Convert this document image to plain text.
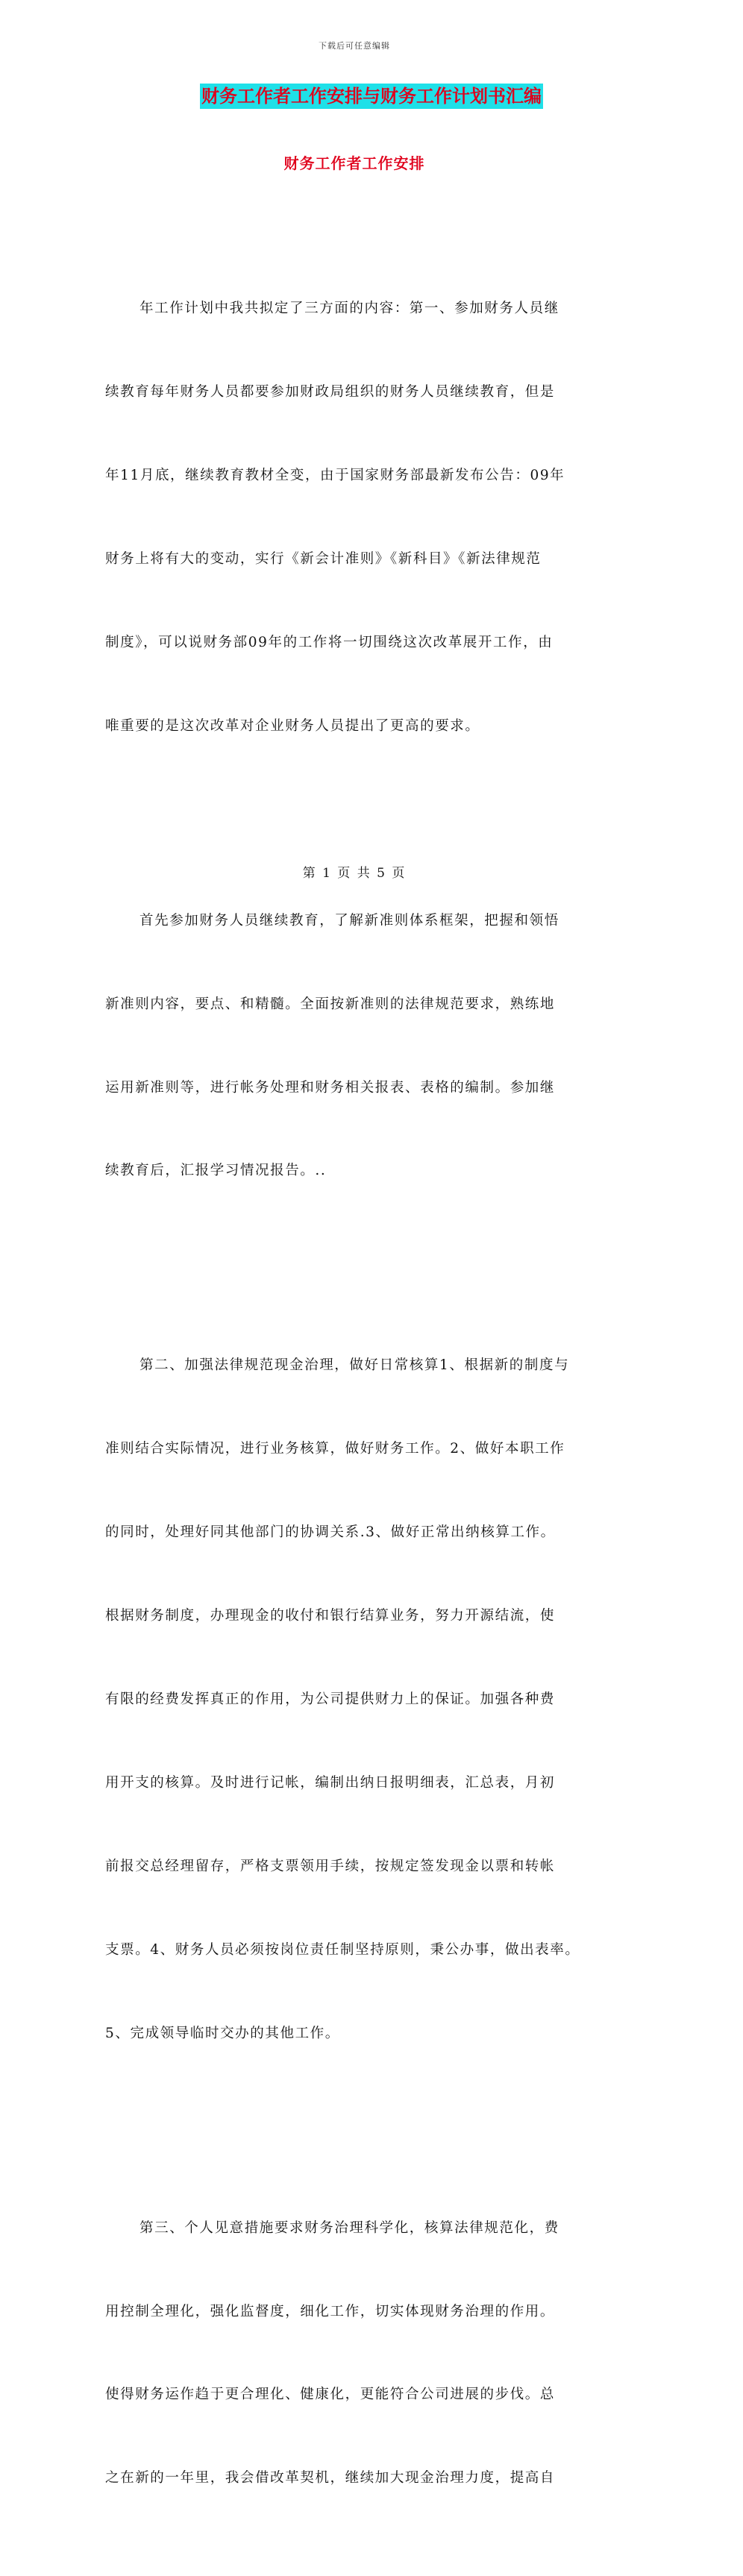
下载后可任意编辑
财务工作者工作安排与财务工作计划书汇编
财务工作者工作安排

年工作计划中我共拟定了三方面的内容：第一、参加财务人员继

续教育每年财务人员都要参加财政局组织的财务人员继续教育，但是

年11月底，继续教育教材全变，由于国家财务部最新发布公告：09年

财务上将有大的变动，实行《新会计准则》《新科目》《新法律规范

制度》，可以说财务部09年的工作将一切围绕这次改革展开工作，由

唯重要的是这次改革对企业财务人员提出了更高的要求。

首先参加财务人员继续教育，了解新准则体系框架，把握和领悟

新准则内容，要点、和精髓。全面按新准则的法律规范要求，熟练地

运用新准则等，进行帐务处理和财务相关报表、表格的编制。参加继

续教育后，汇报学习情况报告。..

第二、加强法律规范现金治理，做好日常核算1、根据新的制度与

准则结合实际情况，进行业务核算，做好财务工作。2、做好本职工作

的同时，处理好同其他部门的协调关系.3、做好正常出纳核算工作。

根据财务制度，办理现金的收付和银行结算业务，努力开源结流，使

有限的经费发挥真正的作用，为公司提供财力上的保证。加强各种费

用开支的核算。及时进行记帐，编制出纳日报明细表，汇总表，月初

前报交总经理留存，严格支票领用手续，按规定签发现金以票和转帐

支票。4、财务人员必须按岗位责任制坚持原则，秉公办事，做出表率。

5、完成领导临时交办的其他工作。

第三、个人见意措施要求财务治理科学化，核算法律规范化，费

用控制全理化，强化监督度，细化工作，切实体现财务治理的作用。

使得财务运作趋于更合理化、健康化，更能符合公司进展的步伐。总

之在新的一年里，我会借改革契机，继续加大现金治理力度，提高自

第 1 页 共 5 页
